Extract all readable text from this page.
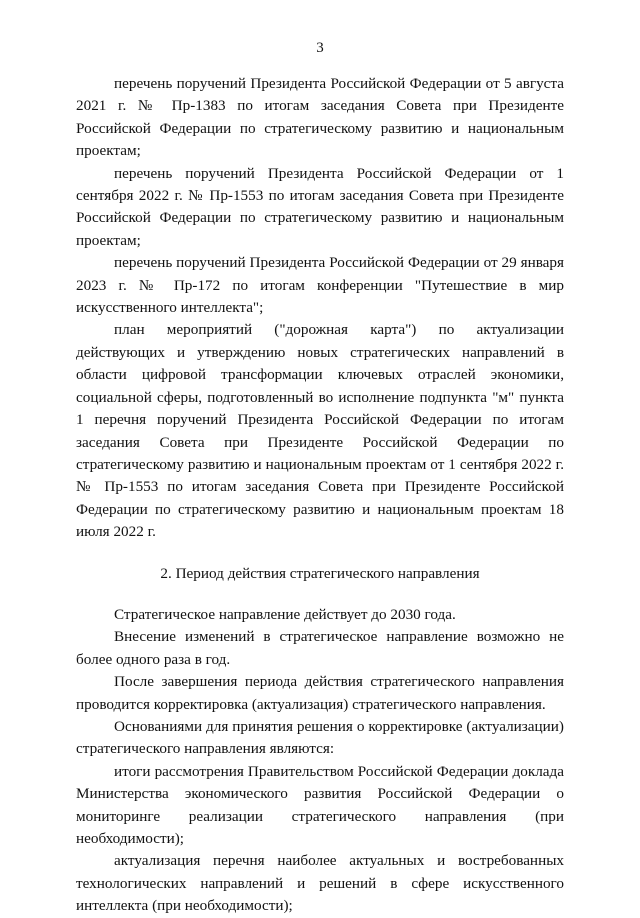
3

перечень поручений Президента Российской Федерации от 5 августа 2021 г. № Пр-1383 по итогам заседания Совета при Президенте Российской Федерации по стратегическому развитию и национальным проектам;

перечень поручений Президента Российской Федерации от 1 сентября 2022 г. № Пр-1553 по итогам заседания Совета при Президенте Российской Федерации по стратегическому развитию и национальным проектам;

перечень поручений Президента Российской Федерации от 29 января 2023 г. № Пр-172 по итогам конференции "Путешествие в мир искусственного интеллекта";

план мероприятий ("дорожная карта") по актуализации действующих и утверждению новых стратегических направлений в области цифровой трансформации ключевых отраслей экономики, социальной сферы, подготовленный во исполнение подпункта "м" пункта 1 перечня поручений Президента Российской Федерации по итогам заседания Совета при Президенте Российской Федерации по стратегическому развитию и национальным проектам от 1 сентября 2022 г. № Пр-1553 по итогам заседания Совета при Президенте Российской Федерации по стратегическому развитию и национальным проектам 18 июля 2022 г.

2. Период действия стратегического направления

Стратегическое направление действует до 2030 года.

Внесение изменений в стратегическое направление возможно не более одного раза в год.

После завершения периода действия стратегического направления проводится корректировка (актуализация) стратегического направления.

Основаниями для принятия решения о корректировке (актуализации) стратегического направления являются:

итоги рассмотрения Правительством Российской Федерации доклада Министерства экономического развития Российской Федерации о мониторинге реализации стратегического направления (при необходимости);

актуализация перечня наиболее актуальных и востребованных технологических направлений и решений в сфере искусственного интеллекта (при необходимости);
